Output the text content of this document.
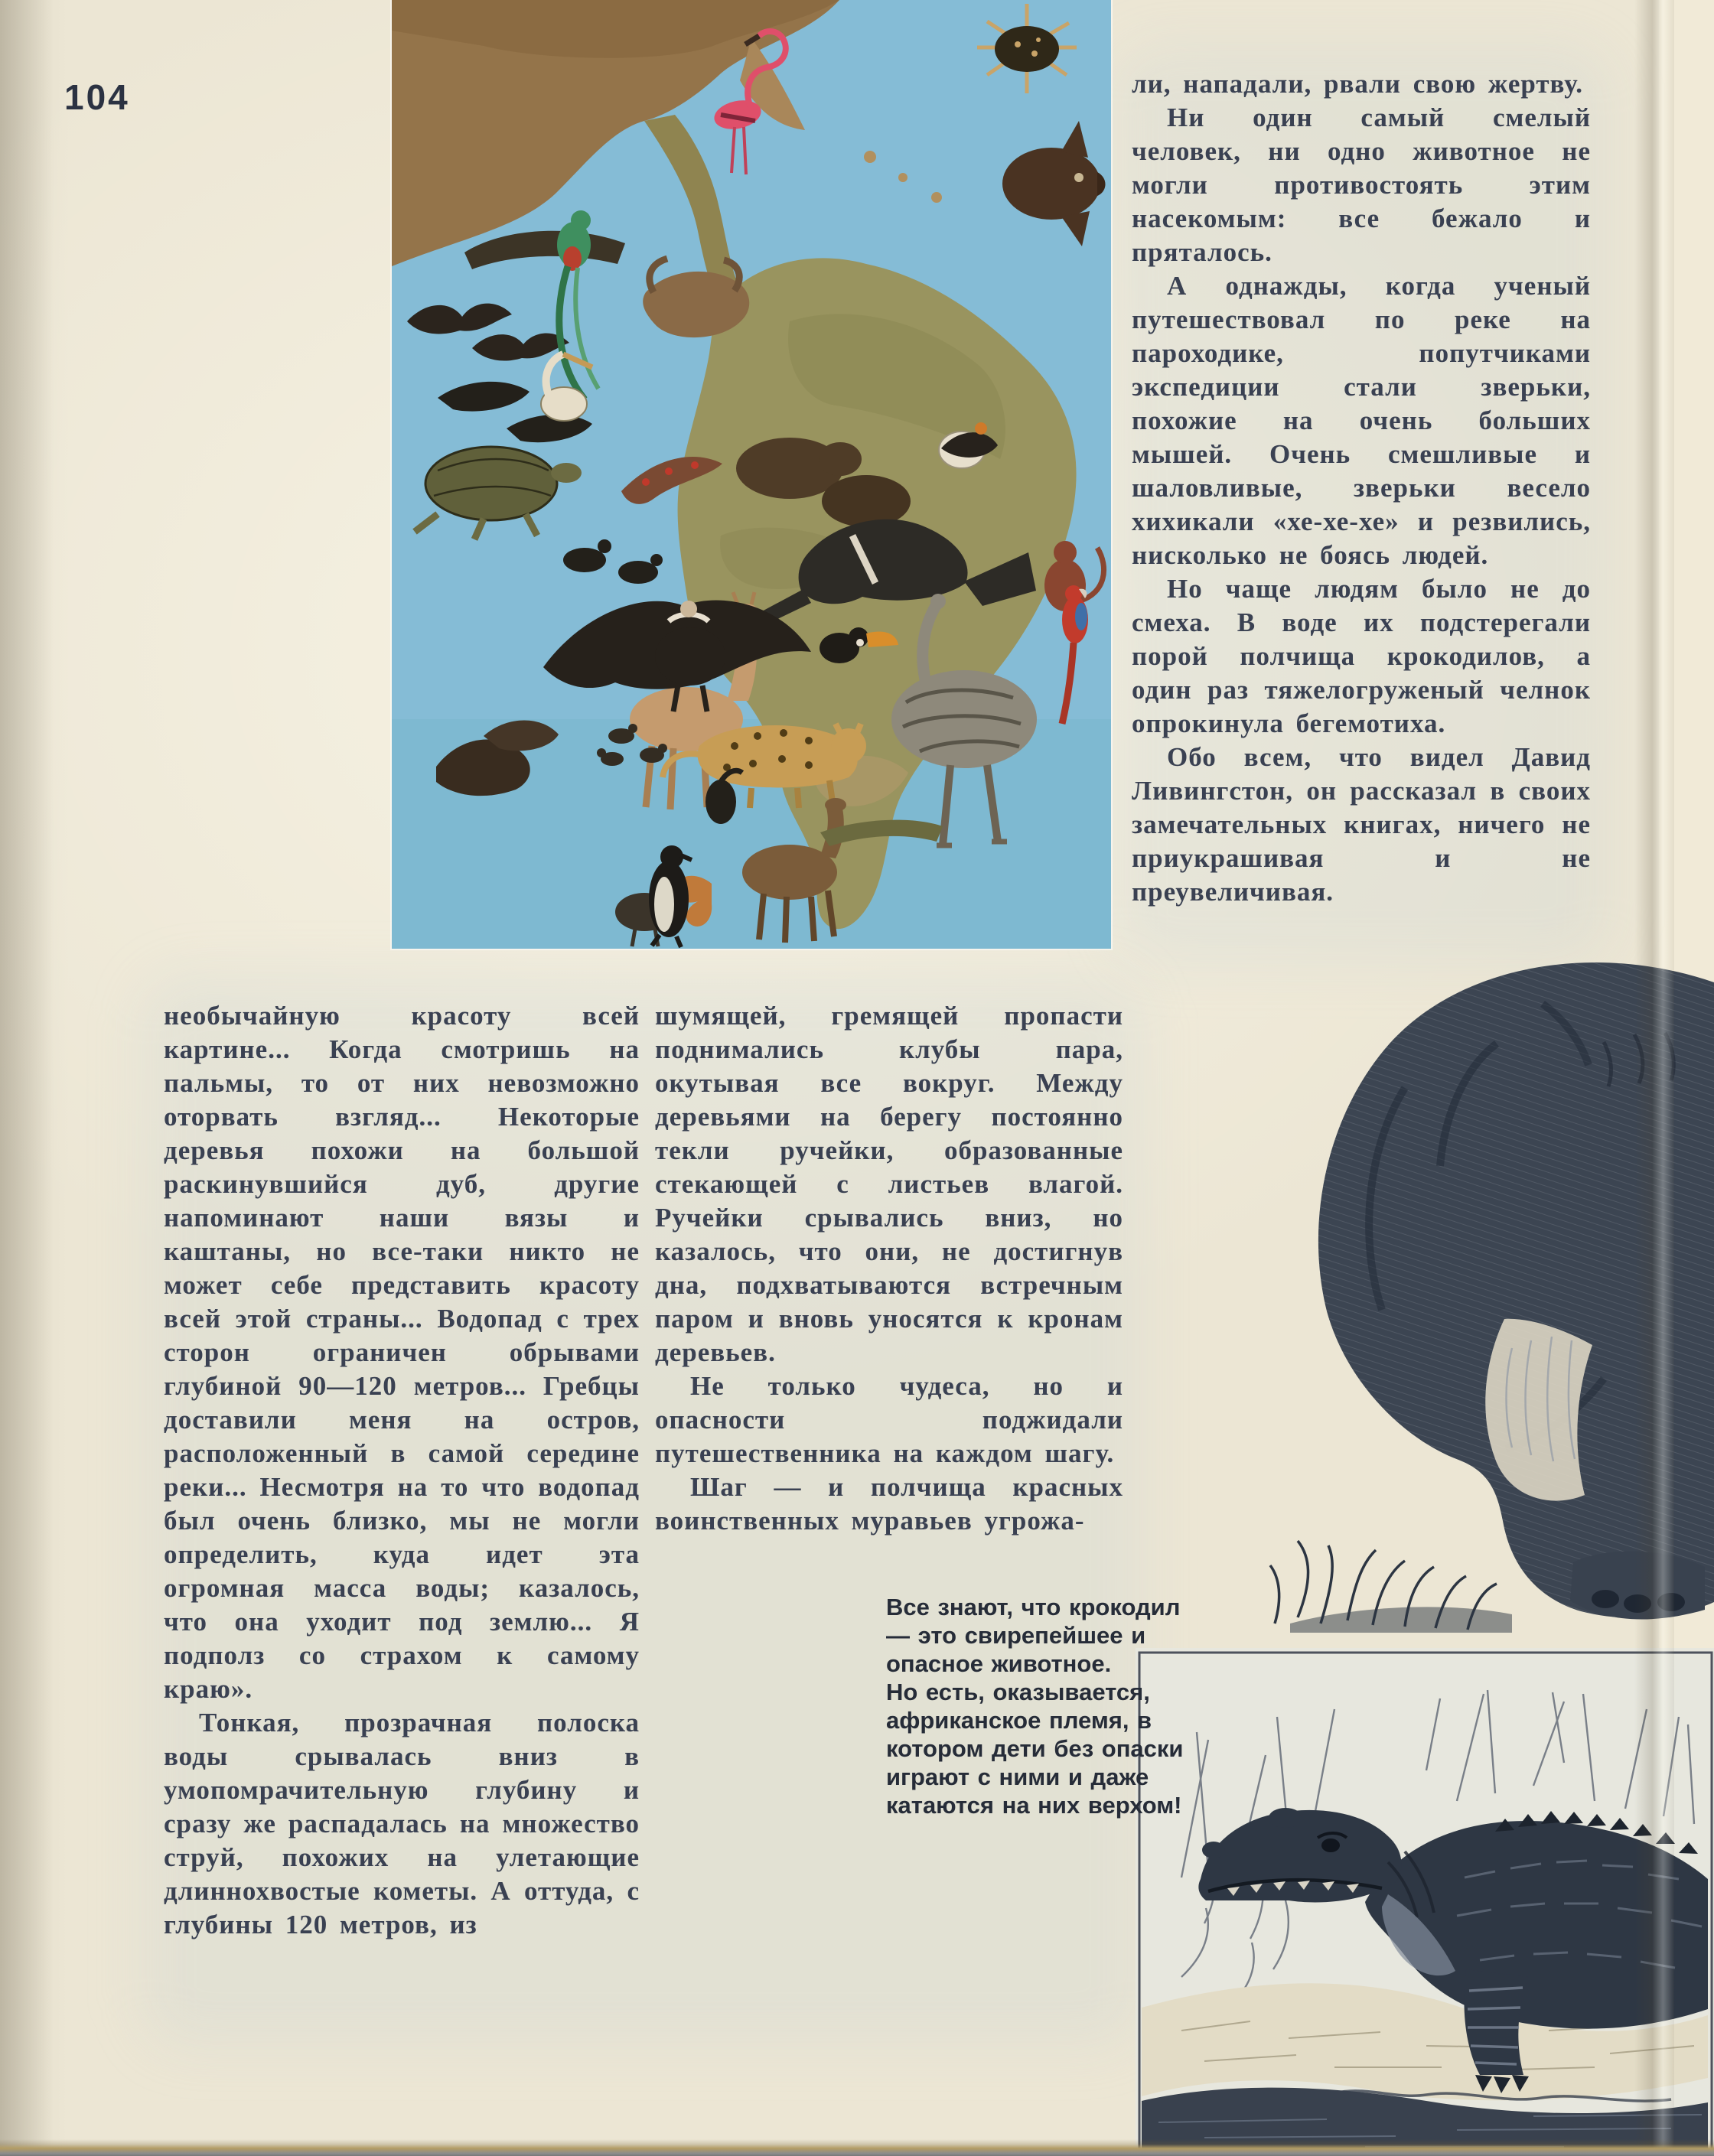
104	ли, нападали, рвали свою жертву.

Ни один самый смелый человек, ни одно животное не могли противостоять этим насекомым: все бежало и пряталось.

А однажды, когда ученый путешествовал по реке на пароходике, попутчиками экспедиции стали зверьки, похожие на очень больших мышей. Очень смешливые и шаловливые, зверьки весело хихикали «хе-хе-хе» и резвились, нисколько не боясь людей.

Но чаще людям было не до смеха. В воде их подстерегали порой полчища крокодилов, а один раз тяжелогруженый челнок опрокинула бегемотиха.

Обо всем, что видел Давид Ливингстон, он рассказал в своих замечательных книгах, ничего не приукрашивая и не преувеличивая.

необычайную красоту всей картине... Когда смотришь на пальмы, то от них невозможно оторвать взгляд... Некоторые деревья похожи на большой раскинувшийся дуб, другие напоминают наши вязы и каштаны, но все-таки никто не может себе представить красоту всей этой страны... Водопад с трех сторон ограничен обрывами глубиной 90—120 метров... Гребцы доставили меня на остров, расположенный в самой середине реки... Несмотря на то что водопад был очень близко, мы не могли определить, куда идет эта огромная масса воды; казалось, что она уходит под землю... Я подполз со страхом к самому краю».

Тонкая, прозрачная полоска воды срывалась вниз в умопомрачительную глубину и сразу же распадалась на множество струй, похожих на улетающие длиннохвостые кометы. А оттуда, с глубины 120 метров, из

шумящей, гремящей пропасти поднимались клубы пара, окутывая все вокруг. Между деревьями на берегу постоянно текли ручейки, образованные стекающей с листьев влагой. Ручейки срывались вниз, но казалось, что они, не достигнув дна, подхватываются встречным паром и вновь уносятся к кронам деревьев.

Не только чудеса, но и опасности поджидали путешественника на каждом шагу.

Шаг — и полчища красных воинственных муравьев угрожа-

Все знают, что крокодил — это свирепейшее и опасное животное.

Но есть, оказывается, африканское племя, в котором дети без опаски играют с ними и даже катаются на них верхом!
